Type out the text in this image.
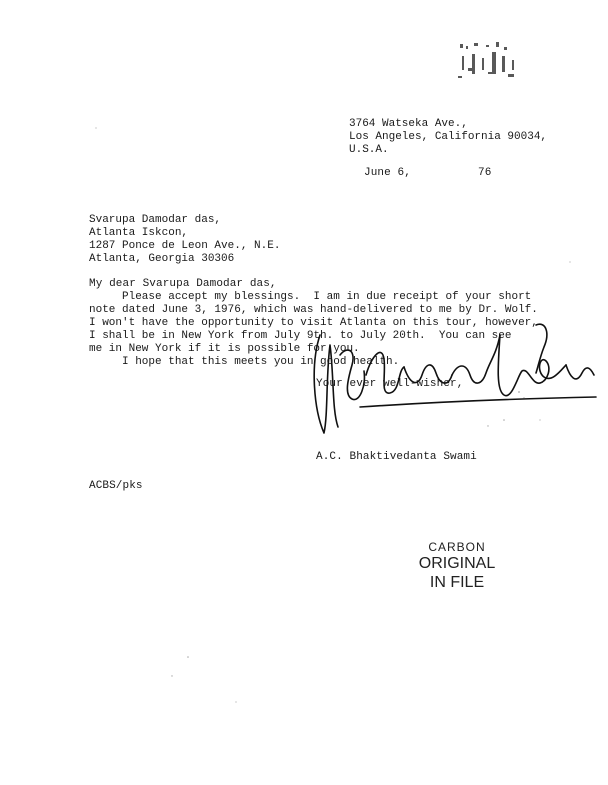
3764 Watseka Ave.,
Los Angeles, California 90034,
U.S.A.
June 6,	76
Svarupa Damodar das,
Atlanta Iskcon,
1287 Ponce de Leon Ave., N.E.
Atlanta, Georgia 30306
My dear Svarupa Damodar das,
Please accept my blessings.  I am in due receipt of your short
note dated June 3, 1976, which was hand-delivered to me by Dr. Wolf.
I won't have the opportunity to visit Atlanta on this tour, however,
I shall be in New York from July 9th. to July 20th.  You can see
me in New York if it is possible for you.
I hope that this meets you in good health.
Your ever well-wisher,
A.C. Bhaktivedanta Swami
ACBS/pks
CARBON
ORIGINAL
IN FILE
